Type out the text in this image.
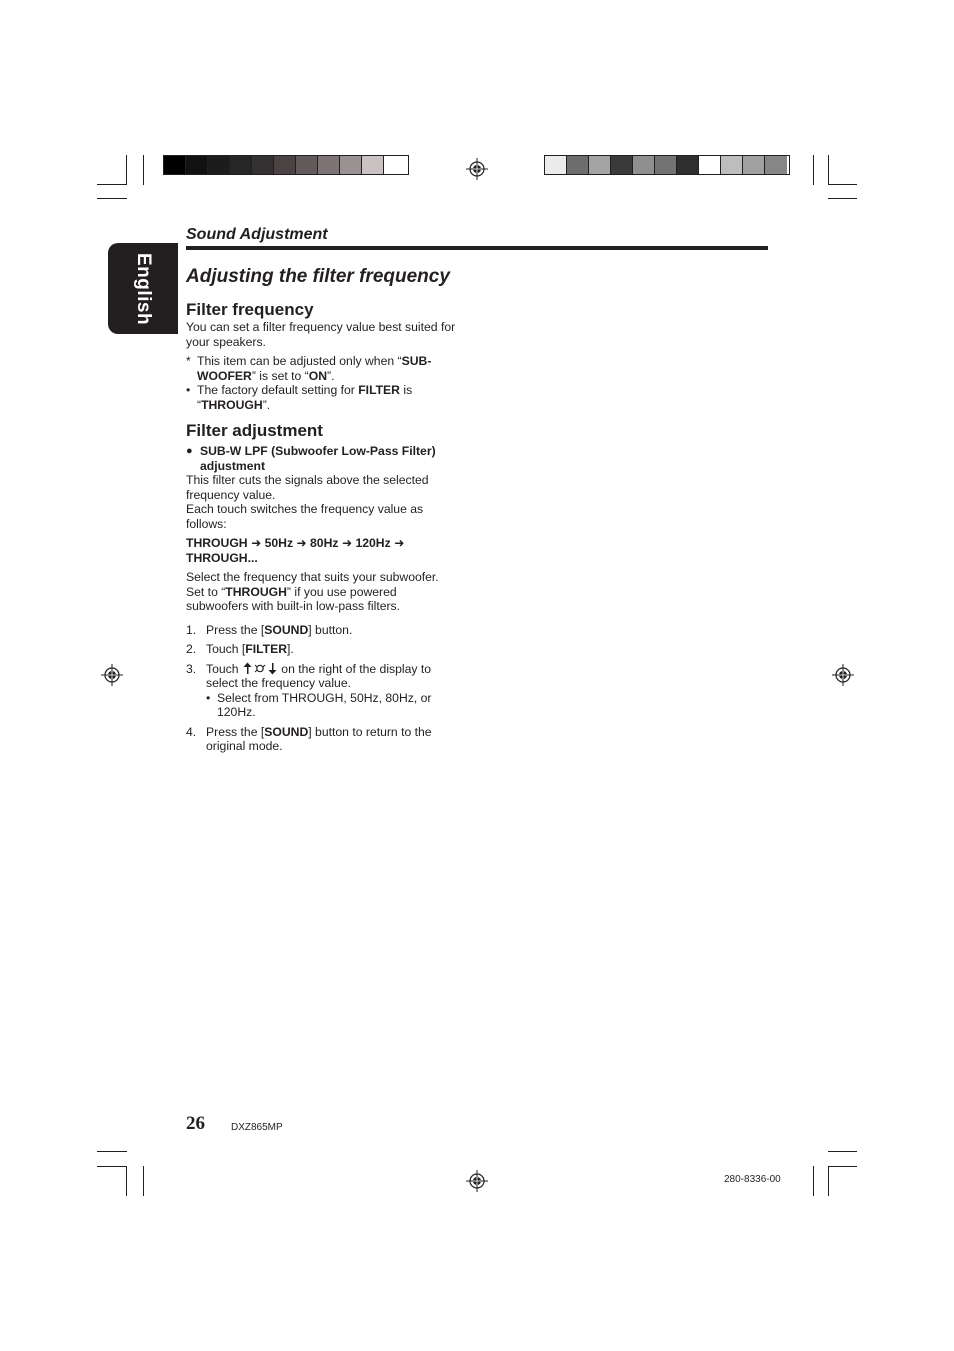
English
Sound Adjustment
Adjusting the filter frequency
Filter frequency
You can set a filter frequency value best suited for your speakers.
* This item can be adjusted only when “SUB-WOOFER” is set to “ON”.
• The factory default setting for FILTER is “THROUGH”.
Filter adjustment
● SUB-W LPF (Subwoofer Low-Pass Filter) adjustment
This filter cuts the signals above the selected frequency value.
Each touch switches the frequency value as follows:
THROUGH ➜ 50Hz ➜ 80Hz ➜ 120Hz ➜ THROUGH...
Select the frequency that suits your subwoofer.
Set to “THROUGH” if you use powered subwoofers with built-in low-pass filters.
1. Press the [SOUND] button.
2. Touch [FILTER].
3. Touch	on the right of the display to select the frequency value.
• Select from THROUGH, 50Hz, 80Hz, or 120Hz.
4. Press the [SOUND] button to return to the original mode.
26	DXZ865MP
280-8336-00
